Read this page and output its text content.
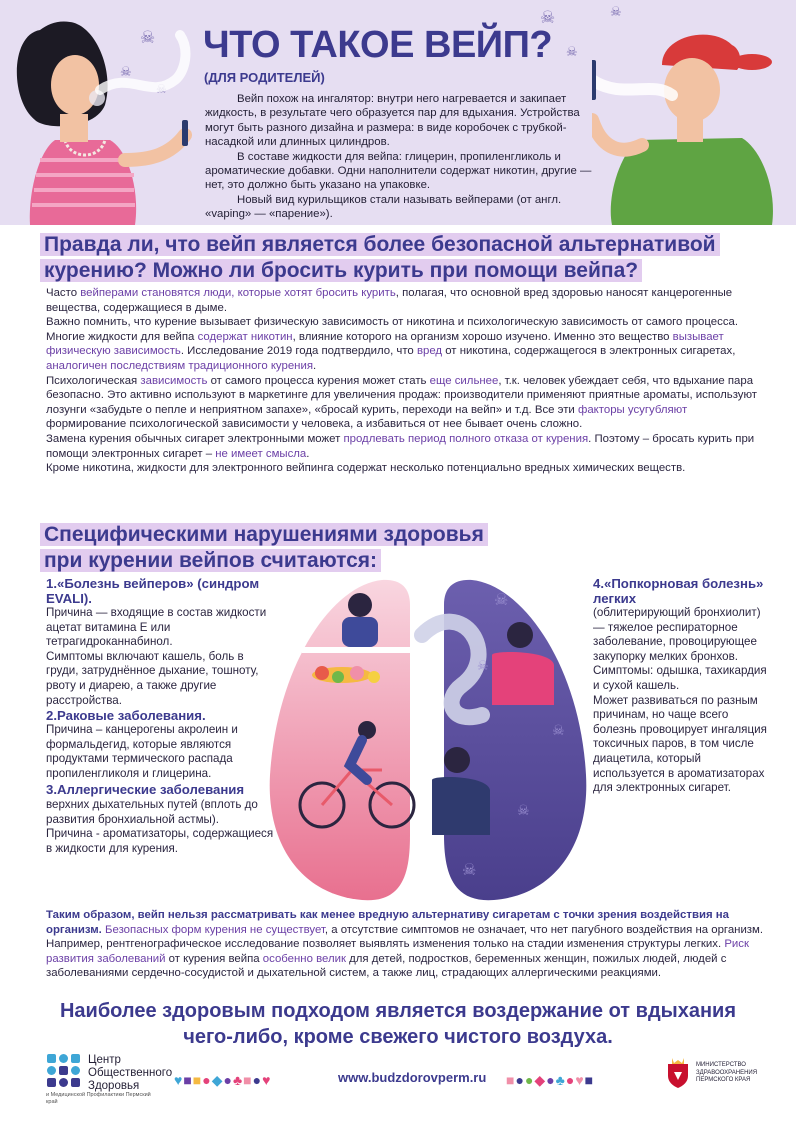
☠
☠
☠
☠
☠
☠
ЧТО ТАКОЕ ВЕЙП?
(ДЛЯ РОДИТЕЛЕЙ)

Вейп похож на ингалятор: внутри него нагревается и закипает жидкость, в результате чего образуется пар для вдыхания. Устройства могут быть разного дизайна и размера: в виде коробочек с трубкой-насадкой или длинных цилиндров.

В составе жидкости для вейпа: глицерин, пропиленгликоль и ароматические добавки. Одни наполнители содержат никотин, другие — нет, это должно быть указано на упаковке.

Новый вид курильщиков стали называть вейперами (от англ. «vaping» — «парение»).

Правда ли, что вейп является более безопасной альтернативой
курению? Можно ли бросить курить при помощи вейпа?

Часто вейперами становятся люди, которые хотят бросить курить, полагая, что основной вред здоровью наносят канцерогенные вещества, содержащиеся в дыме.

Важно помнить, что курение вызывает физическую зависимость от никотина и психологическую зависимость от самого процесса.

Многие жидкости для вейпа содержат никотин, влияние которого на организм хорошо изучено. Именно это вещество вызывает физическую зависимость. Исследование 2019 года подтвердило, что вред от никотина, содержащегося в электронных сигаретах, аналогичен последствиям традиционного курения.

Психологическая зависимость от самого процесса курения может стать еще сильнее, т.к. человек убеждает себя, что вдыхание пара безопасно. Это активно используют в маркетинге для увеличения продаж: производители применяют приятные ароматы, используют лозунги «забудьте о пепле и неприятном запахе», «бросай курить, переходи на вейп» и т.д. Все эти факторы усугубляют формирование психологической зависимости у человека, а избавиться от нее бывает очень сложно.

Замена курения обычных сигарет электронными может продлевать период полного отказа от курения. Поэтому – бросать курить при помощи электронных сигарет – не имеет смысла.

Кроме никотина, жидкости для электронного вейпинга содержат несколько потенциально вредных химических веществ.

Специфическими нарушениями здоровья
при курении вейпов считаются:
1.«Болезнь вейперов» (синдром EVALI).

Причина — входящие в состав жидкости ацетат витамина Е или тетрагидроканнабинол.

Симптомы включают кашель, боль в груди, затруднённое дыхание, тошноту, рвоту и диарею, а также другие расстройства.

2.Раковые заболевания.

Причина – канцерогены акролеин и формальдегид, которые являются продуктами термического распада пропиленгликоля и глицерина.

3.Аллергические заболевания верхних дыхательных путей (вплоть до развития бронхиальной астмы).

Причина - ароматизаторы, содержащиеся в жидкости для курения.

☠
☠
☠
☠
☠
4.«Попкорновая болезнь» легких

(облитерирующий бронхиолит) — тяжелое респираторное заболевание, провоцирующее закупорку мелких бронхов. Симптомы: одышка, тахикардия и сухой кашель.

Может развиваться по разным причинам, но чаще всего болезнь провоцирует ингаляция токсичных паров, в том числе диацетила, который используется в ароматизаторах для электронных сигарет.

Таким образом, вейп нельзя рассматривать как менее вредную альтернативу сигаретам с точки зрения воздействия на организм. Безопасных форм курения не существует, а отсутствие симптомов не означает, что нет пагубного воздействия на организм. Например, рентгенографическое исследование позволяет выявлять изменения только на стадии изменения структуры легких. Риск развития заболеваний от курения вейпа особенно велик для детей, подростков, беременных женщин, пожилых людей, людей с заболеваниями сердечно-сосудистой и дыхательной систем, а также лиц, страдающих аллергическими реакциями.

Наиболее здоровым подходом является воздержание от вдыхания
чего-либо, кроме свежего чистого воздуха.
Центр
Общественного
Здоровья
и Медицинской Профилактики Пермский край
♥■■●◆●♣■●♥	www.budzdorovperm.ru ■●●◆●♣●♥■
МИНИСТЕРСТВО
ЗДРАВООХРАНЕНИЯ
ПЕРМСКОГО КРАЯ
